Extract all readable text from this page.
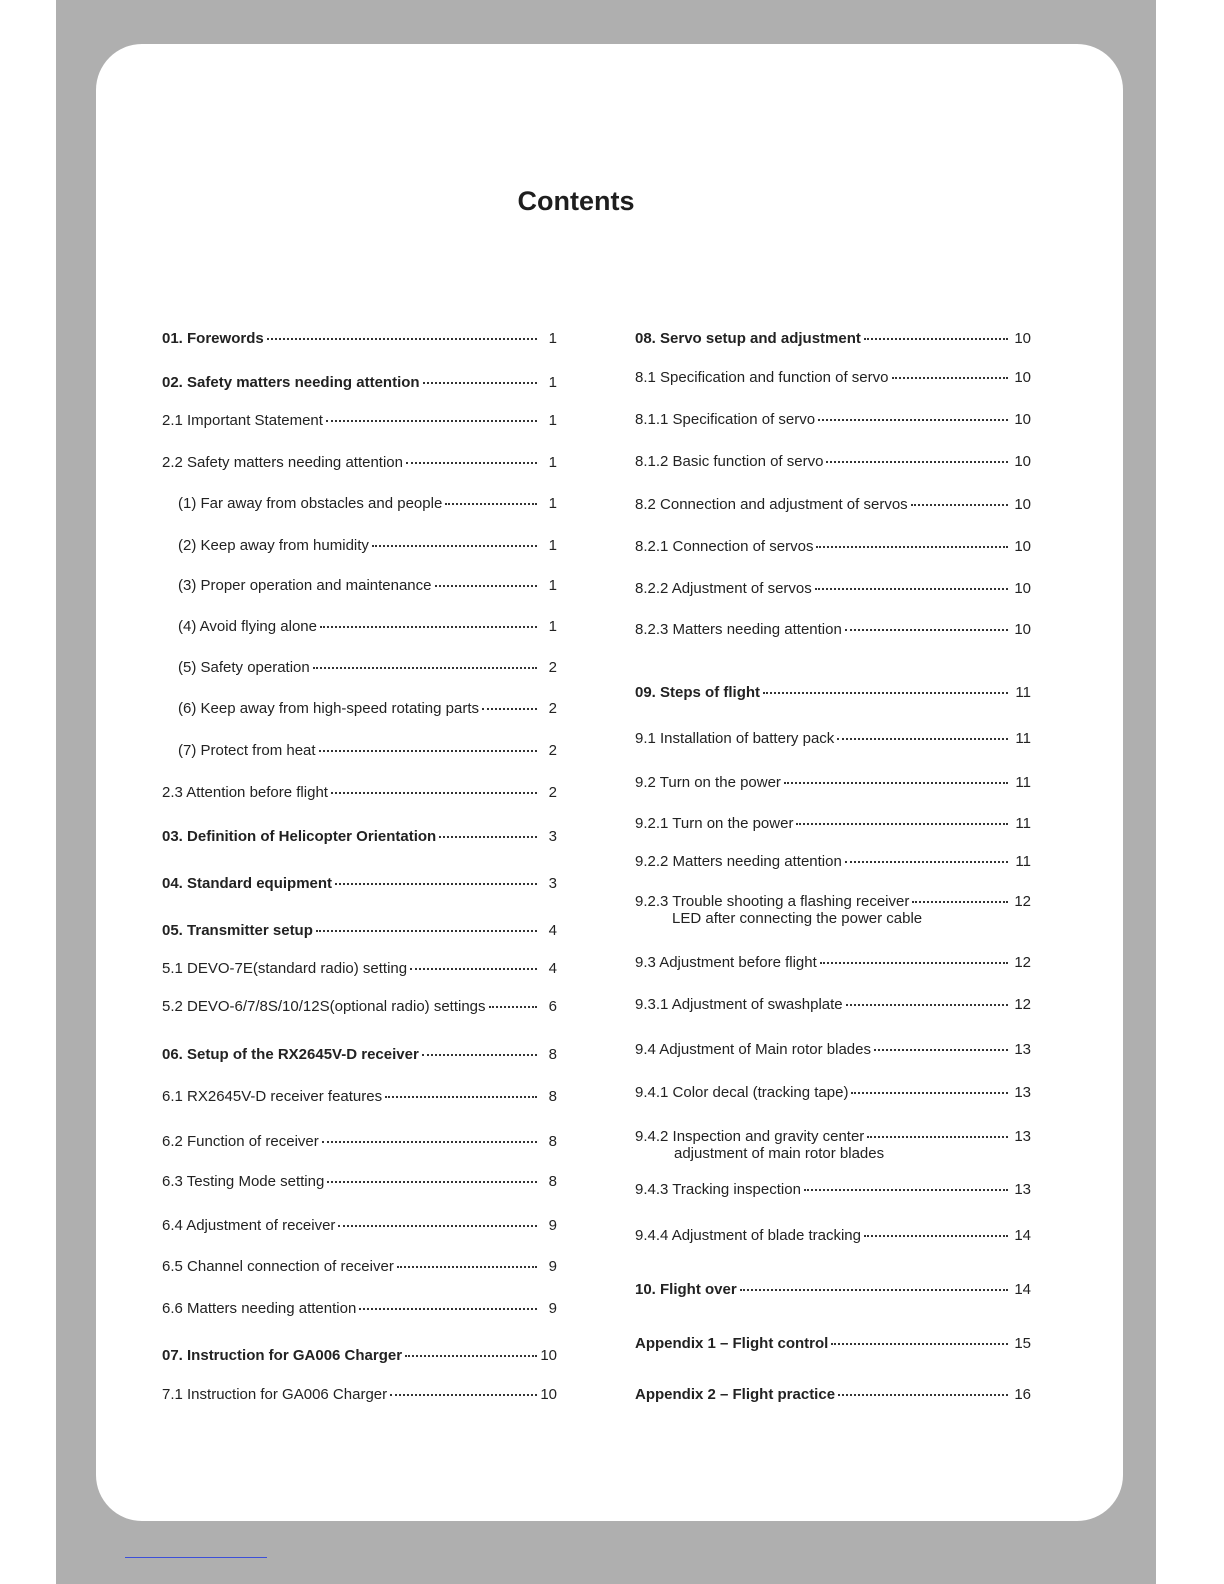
Contents
01. Forewords	1
02. Safety matters needing attention	1
2.1 Important Statement	1
2.2 Safety matters needing attention	1
(1) Far away from obstacles and people	1
(2) Keep away from humidity	1
(3) Proper operation and maintenance	1
(4) Avoid flying alone	1
(5) Safety operation	2
(6) Keep away from high-speed rotating parts	2
(7) Protect from heat	2
2.3 Attention before flight	2
03. Definition of Helicopter Orientation	3
04. Standard equipment	3
05. Transmitter setup	4
5.1 DEVO-7E(standard radio) setting	4
5.2 DEVO-6/7/8S/10/12S(optional radio) settings	6
06. Setup of the RX2645V-D receiver	8
6.1 RX2645V-D receiver features	8
6.2 Function of receiver	8
6.3 Testing Mode setting	8
6.4 Adjustment of receiver	9
6.5 Channel connection of receiver	9
6.6 Matters needing attention	9
07. Instruction for GA006 Charger	10
7.1 Instruction for GA006 Charger	10
08. Servo setup and adjustment	10
8.1 Specification and function of servo	10
8.1.1 Specification of servo	10
8.1.2 Basic function of servo	10
8.2 Connection and adjustment of servos	10
8.2.1 Connection of servos	10
8.2.2 Adjustment of servos	10
8.2.3 Matters needing attention	10
09. Steps of flight	11
9.1 Installation of battery pack	11
9.2 Turn on the power	11
9.2.1 Turn on the power	11
9.2.2 Matters needing attention	11
9.2.3 Trouble shooting a flashing receiver	12
LED after connecting the power cable
9.3 Adjustment before flight	12
9.3.1 Adjustment of swashplate	12
9.4 Adjustment of Main rotor blades	13
9.4.1 Color decal (tracking tape)	13
9.4.2 Inspection and gravity center	13
adjustment of main rotor blades
9.4.3 Tracking inspection	13
9.4.4 Adjustment of blade tracking	14
10. Flight over	14
Appendix 1 – Flight control	15
Appendix 2 – Flight practice	16
